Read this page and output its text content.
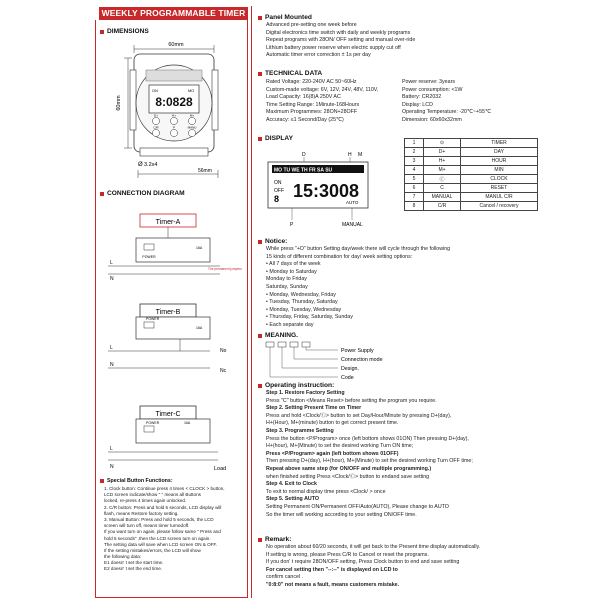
WEEKLY PROGRAMMABLE TIMER
DIMENSIONS
60mm
60mm
ON	MO
8:0828
D+	H+	M+
C/R	P	MANU
56mm
3.2x4
Ø
CONNECTION DIAGRAM
Timer-A
POWER
16A
L
N
The permanent jumpers
Timer-B
POWER
16A
L
N
No
Nc
Timer-C
POWER	16A
L
N	Load
Special Button Functions:
1. Clock button: Continue press 4 times < CLOCK > button,
LCD screen indicate/show " " means all Buttons
locked, re-press 4 times again unlocked.
2. C/R button: Press and hold 5 seconds, LCD display will
flash, means Restore factory setting.
3. Manual Button: Press and hold 5 seconds, the LCD
screen will turn off, means timer turnedoff.
If you want turn on again, please follow same " Press and
hold 5 seconds" ,then the LCD screen turn on again.
The setting data will save when LCD screen ON & OFF.
If the setting mistakes/errors, the LCD will show
the following data:
E1 doesn' t set the start time.
E2 doesn' t set the end time.
Panel Mounted
Advanced pre-setting one week before
Digital electronics time switch with daily and weekly programs
Repeat programs with 28ON/ OFF setting and manual over-ride
Lithium battery power reserve when electric supply cut off
Automatic timer error correction ± 1s per day
TECHNICAL DATA
Rated Voltage: 220-240V AC 50~60Hz
Custom-made voltage: 6V, 12V, 24V, 48V, 110V,
Load Capacity: 16(8)A 250V AC
Time Setting Range: 1Minute-168Hours
Maximum Programmes: 28ON+28OFF
Accuracy: ≤1 Second/Day (25℃)
Power reserve: 3years
Power consumption: <1W
Battery: CR2032
Display: LCD
Operating Temperature: -20℃~+55℃
Dimension: 60x60x32mm
DISPLAY
D	H M
MO TU WE TH FR SA SU
ON
OFF
8 15:3008
AUTO
P	MANUAL
1	⊙	TIMER
2	D+	DAY
3	H+	HOUR
4	M+	MIN
5	Ⓒ	CLOCK
6	C	RESET
7	MANUAL	MANUL C/R
8	C/R	Cancel / recovery
Notice:
While press "+D" button Setting day/week there will cycle through the following
15 kinds of different combination for day/ week setting options:
• All 7 days of the week
• Monday to Saturday
Monday to Friday
Saturday, Sunday
• Monday, Wednesday, Friday
• Tuesday, Thursday, Saturday
• Monday, Tuesday, Wednesday
• Thursday, Friday, Saturday, Sunday
• Each separate day
MEANING.
Power Supply
Connection mode
Design.
Code
Operating instruction:
Step 1. Restore Factory Setting
Press "C" button <Means Reset> before setting the program you require.
Step 2. Setting Present Time on Timer
Press and hold <Clock/Ⓒ> button to set Day/Hour/Minute by pressing D+(day),
H+(Hour), M+(minute) button to get correct present time.
Step 3. Programme Setting
Press the button <P/Program> once (left bottom shows 01ON) Then pressing D+(day),
H+(hour), M+(Minute) to set the desired working Turn ON time;
Press <P/Program> again (left bottom shows 01OFF)
Then pressing D+(day), H+(hour), M+(Minute) to set the desired working Turn OFF time;
Repeat above same step (for ON/OFF and multiple programming.)
when finished setting Press <Clock/Ⓒ> button to endand save setting
Step 4. Exit to Clock
To exit to normal display time press <Clock/ > once
Step 5. Setting AUTO
Setting Permanent ON/Permanent OFF/Auto(AUTO), Please change to AUTO
So the timer will working according to your setting ON/OFF time.
Remark:
No operation about 60/20 seconds, it will get back to the Present time display automatically.
If setting is wrong, please Press C/R to Cancel or reset the programs.
If you don' t require 28ON/OFF setting, Press Clock button to end and save setting
For cancel setting then "--:--" is displayed on LCD to
confirm cancel .
"0:8:0" not means a fault, means customers mistake.
